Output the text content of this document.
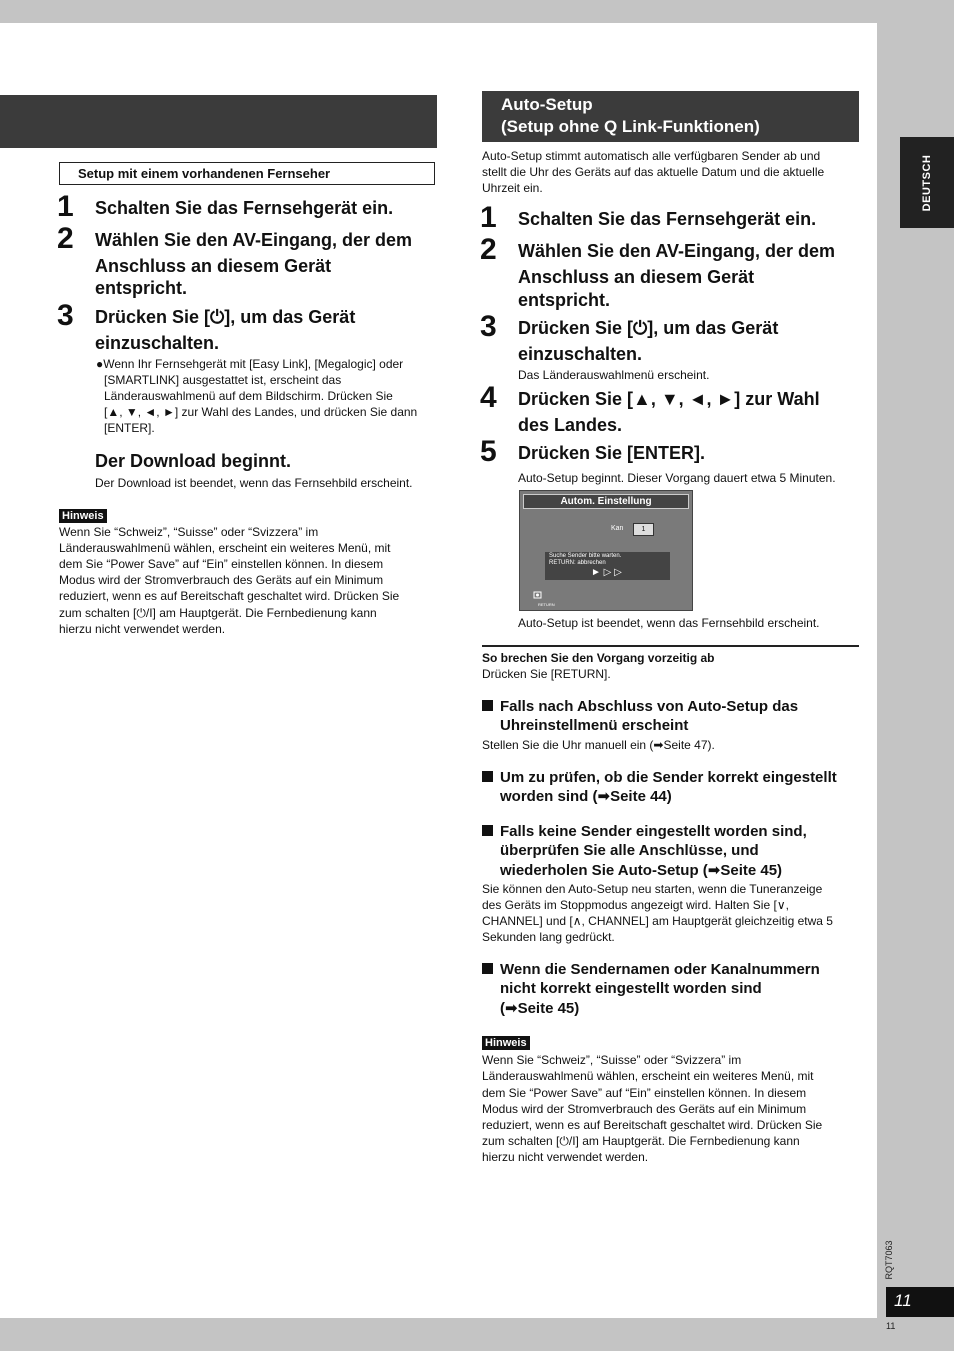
DEUTSCH
RQT7063
11
11
Setup mit einem vorhandenen Fernseher
1 Schalten Sie das Fernsehgerät ein.
2 Wählen Sie den AV-Eingang, der dem
Anschluss an diesem Gerät
entspricht.
3 Drücken Sie [⏻], um das Gerät
einzuschalten.
●Wenn Ihr Fernsehgerät mit [Easy Link], [Megalogic] oder
[SMARTLINK] ausgestattet ist, erscheint das
Länderauswahlmenü auf dem Bildschirm. Drücken Sie
[▲, ▼, ◄, ►] zur Wahl des Landes, und drücken Sie dann
[ENTER].
Der Download beginnt.
Der Download ist beendet, wenn das Fernsehbild erscheint.
Hinweis
Wenn Sie “Schweiz”, “Suisse” oder “Svizzera” im
Länderauswahlmenü wählen, erscheint ein weiteres Menü, mit
dem Sie “Power Save” auf “Ein” einstellen können. In diesem
Modus wird der Stromverbrauch des Geräts auf ein Minimum
reduziert, wenn es auf Bereitschaft geschaltet wird. Drücken Sie
zum schalten [⏻/I] am Hauptgerät. Die Fernbedienung kann
hierzu nicht verwendet werden.
Auto-Setup
(Setup ohne Q Link-Funktionen)
Auto-Setup stimmt automatisch alle verfügbaren Sender ab und
stellt die Uhr des Geräts auf das aktuelle Datum und die aktuelle
Uhrzeit ein.
1 Schalten Sie das Fernsehgerät ein.
2 Wählen Sie den AV-Eingang, der dem
Anschluss an diesem Gerät
entspricht.
3 Drücken Sie [⏻], um das Gerät
einzuschalten.
Das Länderauswahlmenü erscheint.
4 Drücken Sie [▲, ▼, ◄, ►] zur Wahl
des Landes.
5 Drücken Sie [ENTER].
Auto-Setup beginnt. Dieser Vorgang dauert etwa 5 Minuten.
Autom. Einstellung
Kan	1
Suche Sender bitte warten.
RETURN: abbrechen
► ▷ ▷
RETURN
Auto-Setup ist beendet, wenn das Fernsehbild erscheint.
So brechen Sie den Vorgang vorzeitig ab
Drücken Sie [RETURN].
Falls nach Abschluss von Auto-Setup das
Uhreinstellmenü erscheint
Stellen Sie die Uhr manuell ein (➡Seite 47).
Um zu prüfen, ob die Sender korrekt eingestellt
worden sind (➡Seite 44)
Falls keine Sender eingestellt worden sind,
überprüfen Sie alle Anschlüsse, und
wiederholen Sie Auto-Setup (➡Seite 45)
Sie können den Auto-Setup neu starten, wenn die Tuneranzeige
des Geräts im Stoppmodus angezeigt wird. Halten Sie [∨,
CHANNEL] und [∧, CHANNEL] am Hauptgerät gleichzeitig etwa 5
Sekunden lang gedrückt.
Wenn die Sendernamen oder Kanalnummern
nicht korrekt eingestellt worden sind
(➡Seite 45)
Hinweis
Wenn Sie “Schweiz”, “Suisse” oder “Svizzera” im
Länderauswahlmenü wählen, erscheint ein weiteres Menü, mit
dem Sie “Power Save” auf “Ein” einstellen können. In diesem
Modus wird der Stromverbrauch des Geräts auf ein Minimum
reduziert, wenn es auf Bereitschaft geschaltet wird. Drücken Sie
zum schalten [⏻/I] am Hauptgerät. Die Fernbedienung kann
hierzu nicht verwendet werden.
